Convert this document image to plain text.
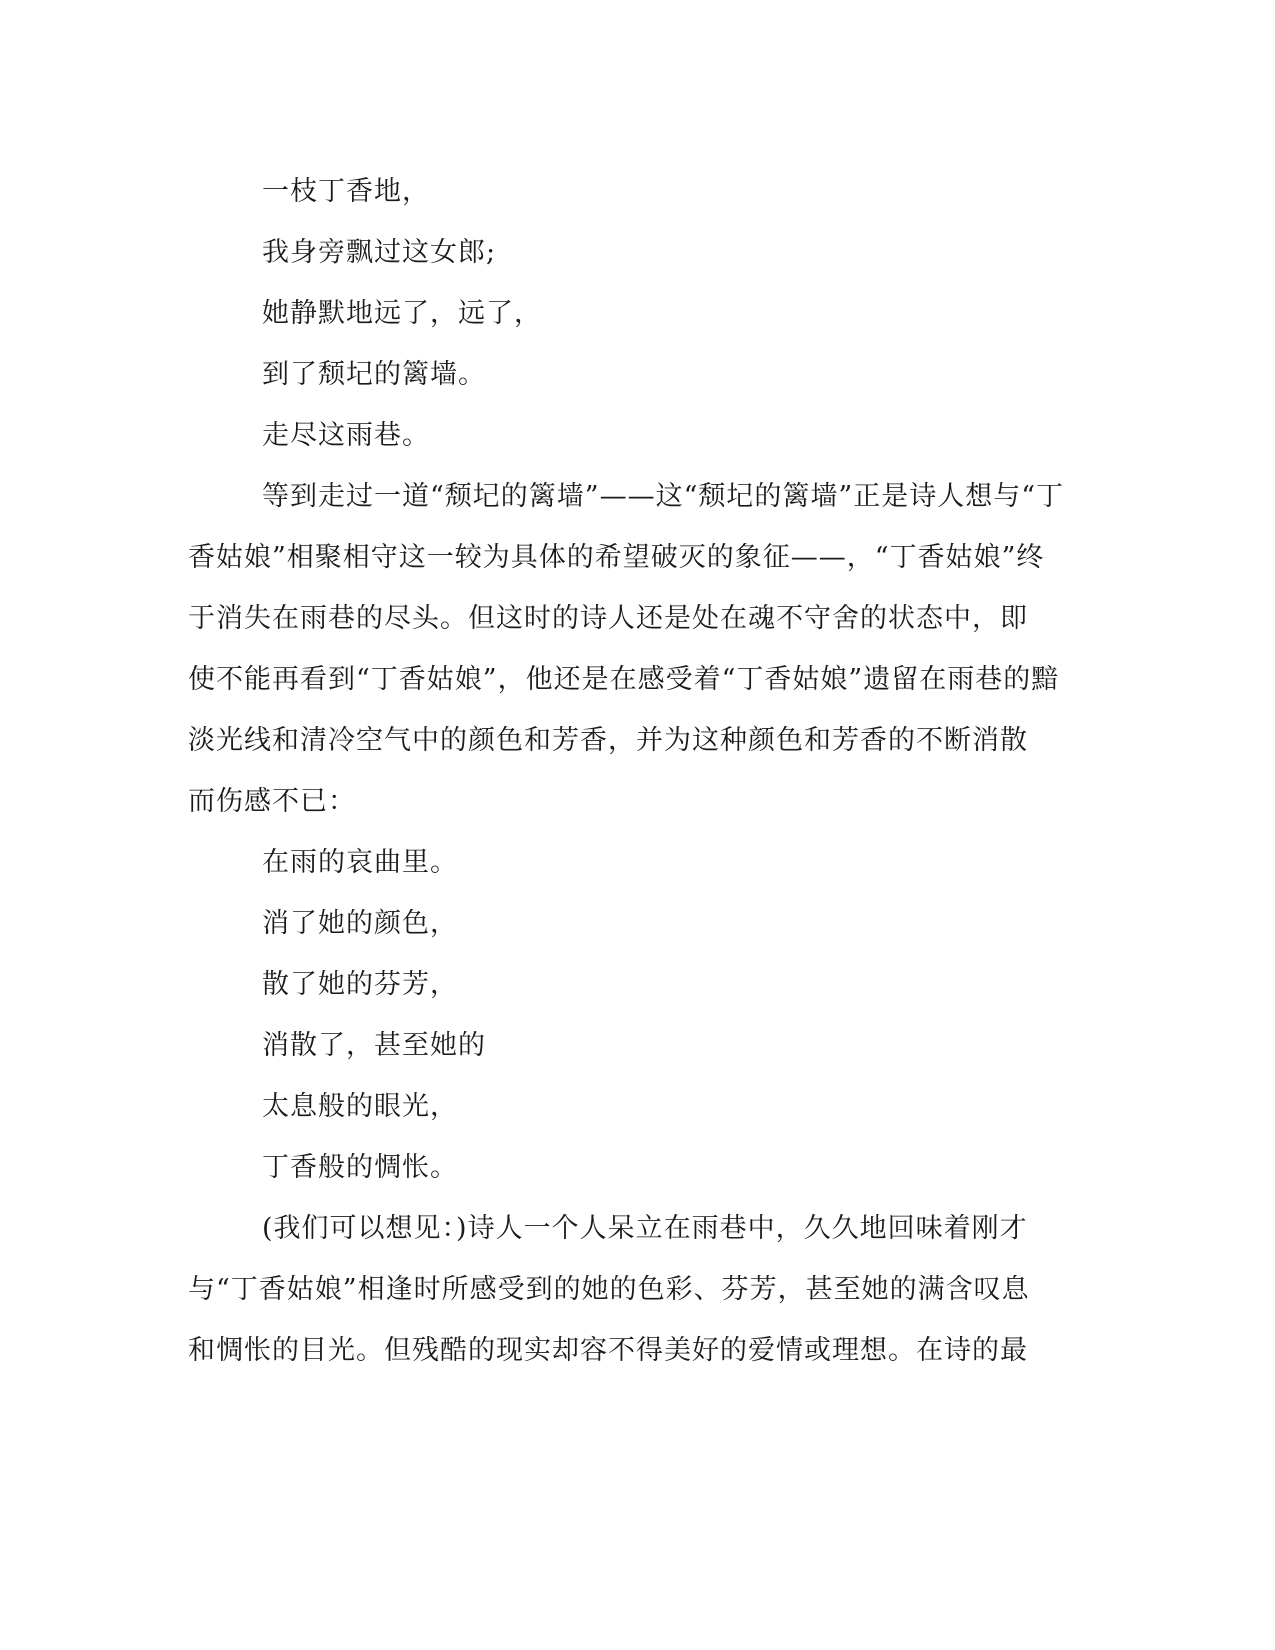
一枝丁香地，
我身旁飘过这女郎;
她静默地远了，远了，
到了颓圮的篱墙。
走尽这雨巷。
等到走过一道“颓圮的篱墙”——这“颓圮的篱墙”正是诗人想与“丁
香姑娘”相聚相守这一较为具体的希望破灭的象征——，“丁香姑娘”终
于消失在雨巷的尽头。但这时的诗人还是处在魂不守舍的状态中，即
使不能再看到“丁香姑娘”，他还是在感受着“丁香姑娘”遗留在雨巷的黯
淡光线和清冷空气中的颜色和芳香，并为这种颜色和芳香的不断消散
而伤感不已：
在雨的哀曲里。
消了她的颜色，
散了她的芬芳，
消散了，甚至她的
太息般的眼光，
丁香般的惆怅。
(我们可以想见：)诗人一个人呆立在雨巷中，久久地回味着刚才
与“丁香姑娘”相逢时所感受到的她的色彩、芬芳，甚至她的满含叹息
和惆怅的目光。但残酷的现实却容不得美好的爱情或理想。在诗的最
